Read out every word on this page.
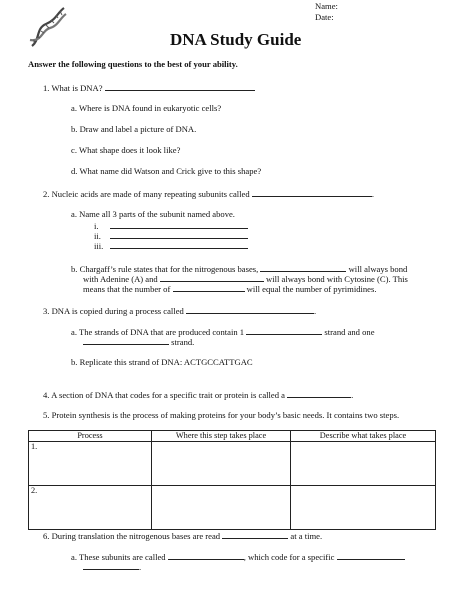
Name:
Date:
DNA Study Guide
Answer the following questions to the best of your ability.
1. What is DNA?
a. Where is DNA found in eukaryotic cells?
b. Draw and label a picture of DNA.
c. What shape does it look like?
d. What name did Watson and Crick give to this shape?
2. Nucleic acids are made of many repeating subunits called	.
a. Name all 3 parts of the subunit named above.
i.
ii.
iii.
b. Chargaff’s rule states that for the nitrogenous bases,	will always bond
with Adenine (A) and	will always bond with Cytosine (C). This
means that the number of	will equal the number of pyrimidines.
3. DNA is copied during a process called	.
a. The strands of DNA that are produced contain 1	strand and one
strand.
b. Replicate this strand of DNA: ACTGCCATTGAC
4. A section of DNA that codes for a specific trait or protein is called a	.
5. Protein synthesis is the process of making proteins for your body’s basic needs. It contains two steps.
Process	Where this step takes place	Describe what takes place
1.		
2.		
6. During translation the nitrogenous bases are read	at a time.
a. These subunits are called	, which code for a specific
.
